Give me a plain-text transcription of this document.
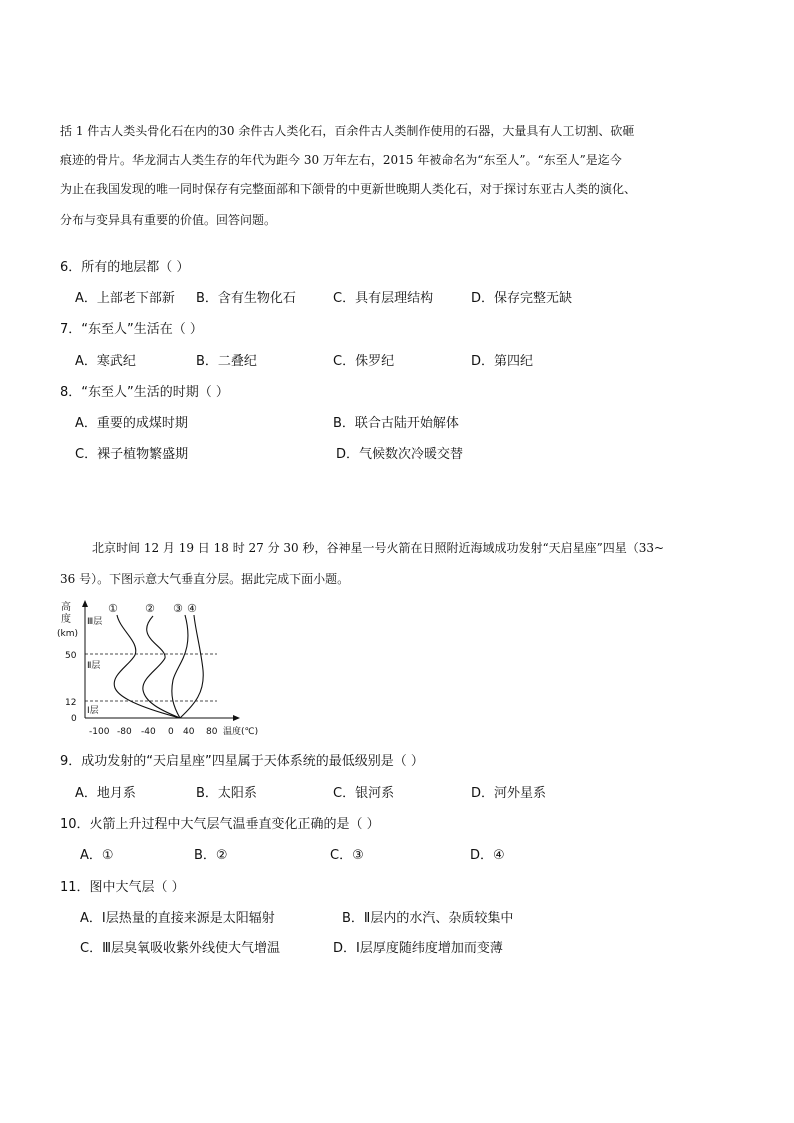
括 1 件古人类头骨化石在内的30 余件古人类化石，百余件古人类制作使用的石器，大量具有人工切割、砍砸

痕迹的骨片。华龙洞古人类生存的年代为距今 30 万年左右，2015 年被命名为“东至人”。“东至人”是迄今

为止在我国发现的唯一同时保存有完整面部和下颌骨的中更新世晚期人类化石，对于探讨东亚古人类的演化、

分布与变异具有重要的价值。回答问题。

6．所有的地层都（ ）

A．上部老下部新 B．含有生物化石	C．具有层理结构	D．保存完整无缺

7．“东至人”生活在（ ）

A．寒武纪	B．二叠纪	C．侏罗纪	D．第四纪

8．“东至人”生活的时期（ ）

A．重要的成煤时期	B．联合古陆开始解体
C．裸子植物繁盛期	D．气候数次冷暖交替

北京时间 12 月 19 日 18 时 27 分 30 秒，谷神星一号火箭在日照附近海域成功发射“天启星座”四星（33~

36 号）。下图示意大气垂直分层。据此完成下面小题。

高
度
(km)
50
12
0
Ⅲ层
Ⅱ层
Ⅰ层
① ② ③ ④
-100 -80 -40 0 40 80 温度(℃)

9．成功发射的“天启星座”四星属于天体系统的最低级别是（ ）

A．地月系	B．太阳系	C．银河系	D．河外星系

10．火箭上升过程中大气层气温垂直变化正确的是（ ）

A．①	B．②	C．③	D．④

11．图中大气层（ ）

A．Ⅰ层热量的直接来源是太阳辐射	B．Ⅱ层内的水汽、杂质较集中
C．Ⅲ层臭氧吸收紫外线使大气增温	D．Ⅰ层厚度随纬度增加而变薄
